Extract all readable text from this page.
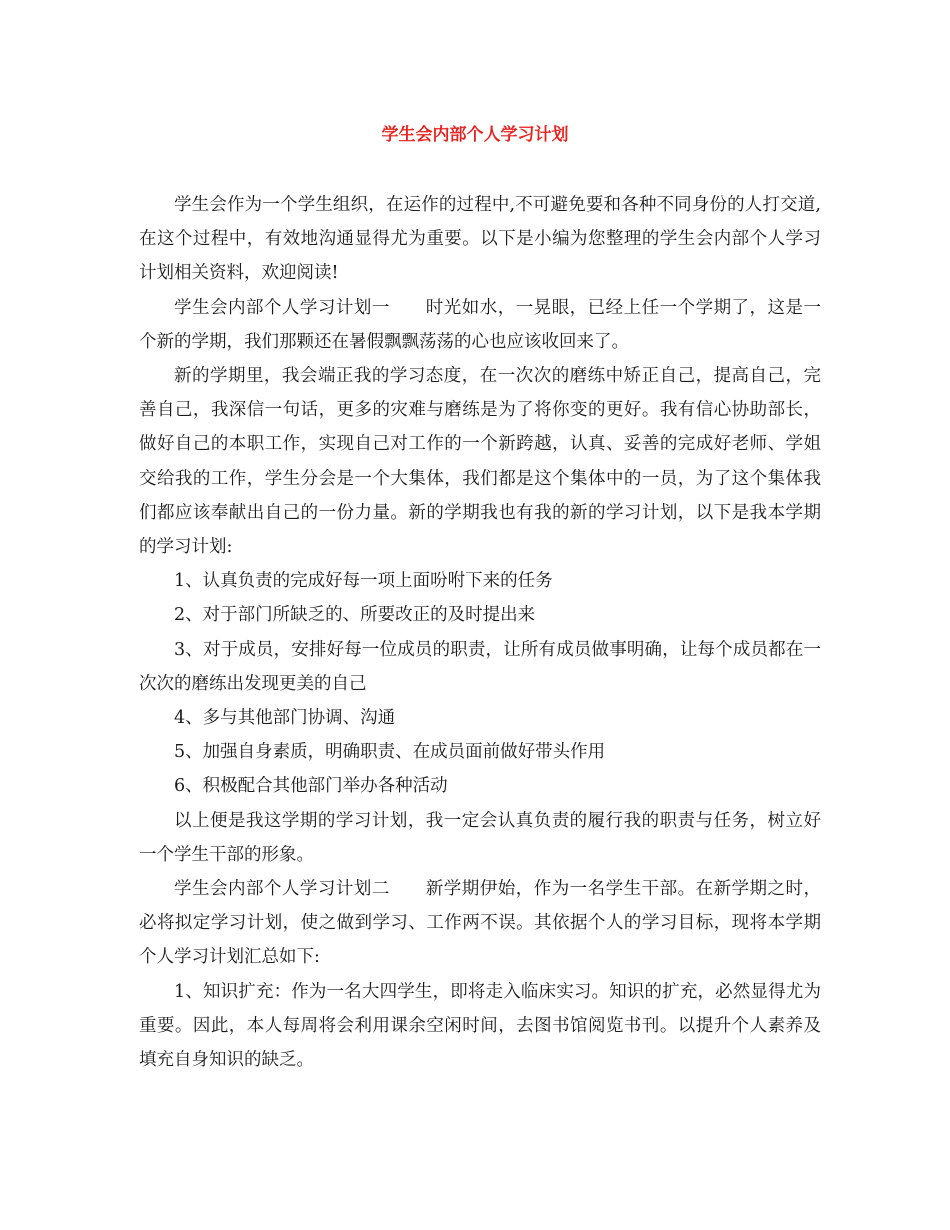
学生会内部个人学习计划

学生会作为一个学生组织，在运作的过程中,不可避免要和各种不同身份的人打交道,在这个过程中，有效地沟通显得尤为重要。以下是小编为您整理的学生会内部个人学习计划相关资料，欢迎阅读!

学生会内部个人学习计划一　　时光如水，一晃眼，已经上任一个学期了，这是一个新的学期，我们那颗还在暑假飘飘荡荡的心也应该收回来了。

新的学期里，我会端正我的学习态度，在一次次的磨练中矫正自己，提高自己，完善自己，我深信一句话，更多的灾难与磨练是为了将你变的更好。我有信心协助部长，做好自己的本职工作，实现自己对工作的一个新跨越，认真、妥善的完成好老师、学姐交给我的工作，学生分会是一个大集体，我们都是这个集体中的一员，为了这个集体我们都应该奉献出自己的一份力量。新的学期我也有我的新的学习计划，以下是我本学期的学习计划:

1、认真负责的完成好每一项上面吩咐下来的任务

2、对于部门所缺乏的、所要改正的及时提出来

3、对于成员，安排好每一位成员的职责，让所有成员做事明确，让每个成员都在一次次的磨练出发现更美的自己

4、多与其他部门协调、沟通

5、加强自身素质，明确职责、在成员面前做好带头作用

6、积极配合其他部门举办各种活动

以上便是我这学期的学习计划，我一定会认真负责的履行我的职责与任务，树立好一个学生干部的形象。

学生会内部个人学习计划二　　新学期伊始，作为一名学生干部。在新学期之时，必将拟定学习计划，使之做到学习、工作两不误。其依据个人的学习目标，现将本学期个人学习计划汇总如下:

1、知识扩充：作为一名大四学生，即将走入临床实习。知识的扩充，必然显得尤为重要。因此，本人每周将会利用课余空闲时间，去图书馆阅览书刊。以提升个人素养及填充自身知识的缺乏。
